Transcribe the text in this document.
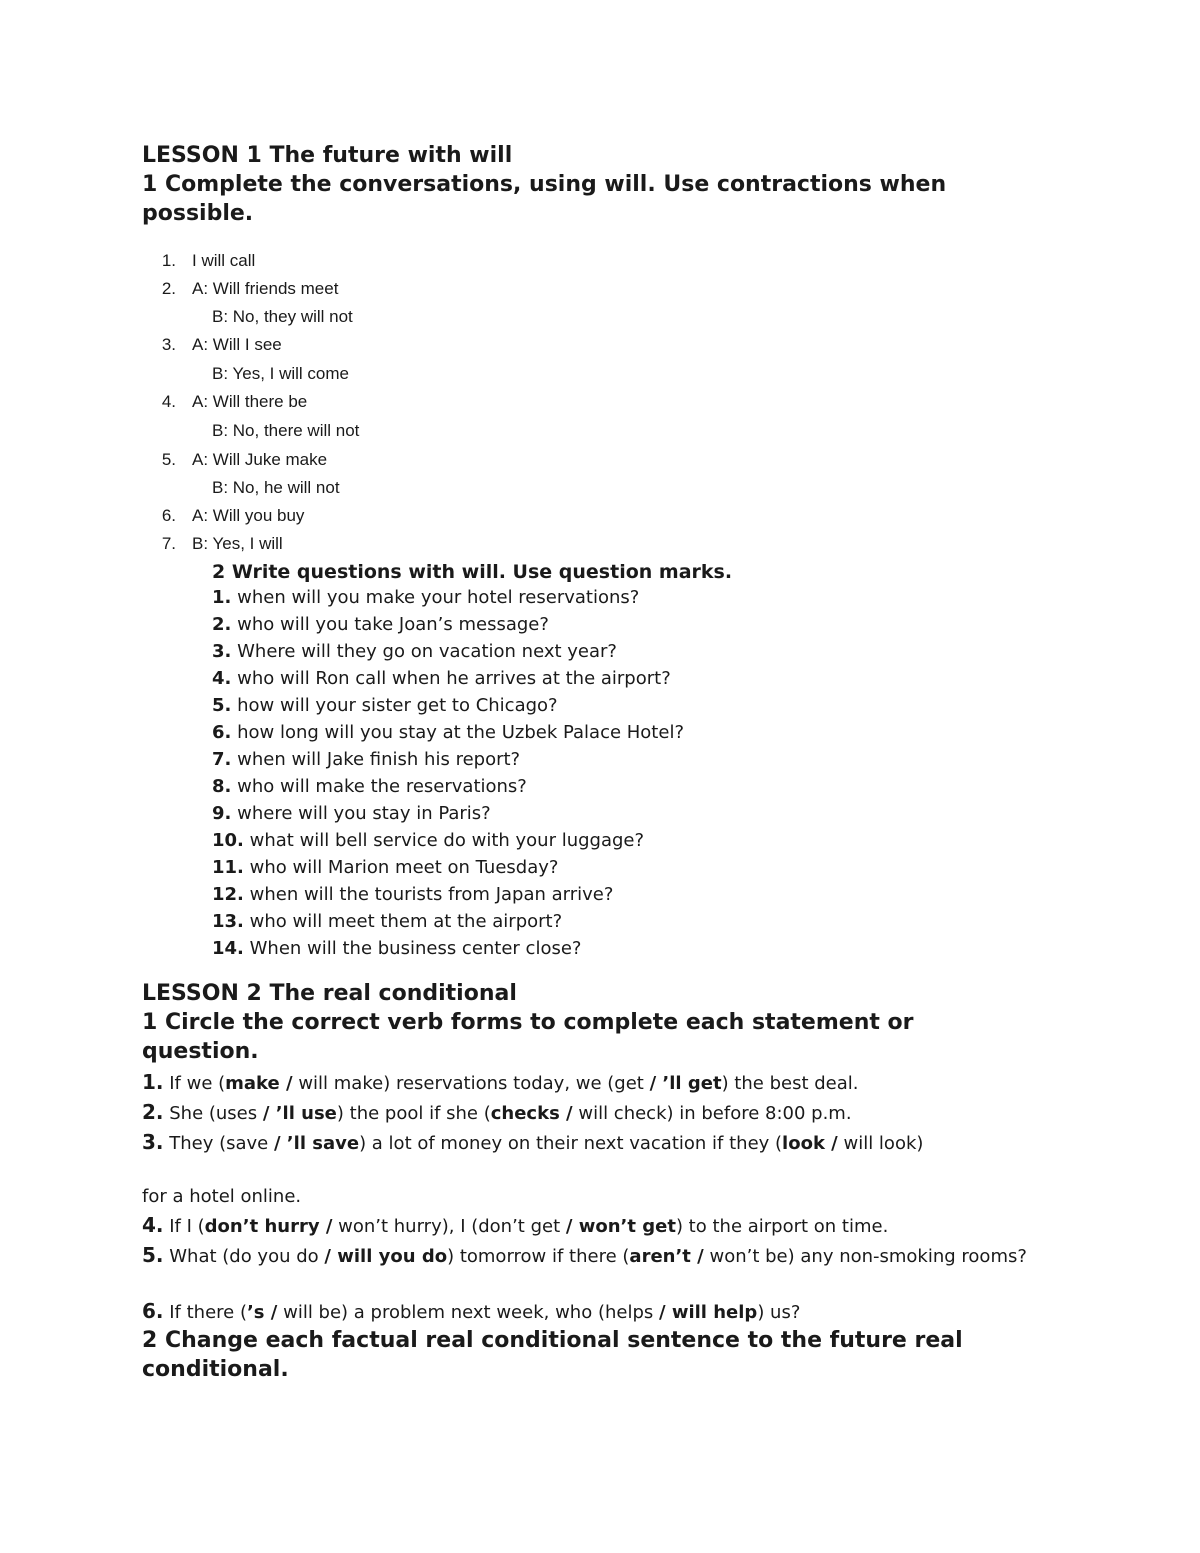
LESSON 1 The future with will
1 Complete the conversations, using will. Use contractions when possible.
1. I will call
2. A: Will friends meet
B: No, they will not
3. A: Will I see
B: Yes, I will come
4. A: Will there be
B: No, there will not
5. A: Will Juke make
B: No, he will not
6. A: Will you buy
7. B: Yes, I will
2 Write questions with will. Use question marks.
1. when will you make your hotel reservations?
2. who will you take Joan’s message?
3. Where will they go on vacation next year?
4. who will Ron call when he arrives at the airport?
5. how will your sister get to Chicago?
6. how long will you stay at the Uzbek Palace Hotel?
7. when will Jake finish his report?
8. who will make the reservations?
9. where will you stay in Paris?
10. what will bell service do with your luggage?
11. who will Marion meet on Tuesday?
12. when will the tourists from Japan arrive?
13. who will meet them at the airport?
14. When will the business center close?
LESSON 2 The real conditional
1 Circle the correct verb forms to complete each statement or question.
1. If we (make / will make) reservations today, we (get / ’ll get) the best deal.
2. She (uses / ’ll use) the pool if she (checks / will check) in before 8:00 p.m.
3. They (save / ’ll save) a lot of money on their next vacation if they (look / will look)
for a hotel online.
4. If I (don’t hurry / won’t hurry), I (don’t get / won’t get) to the airport on time.
5. What (do you do / will you do) tomorrow if there (aren’t / won’t be) any non-smoking rooms?
6. If there (’s / will be) a problem next week, who (helps / will help) us?
2 Change each factual real conditional sentence to the future real conditional.
